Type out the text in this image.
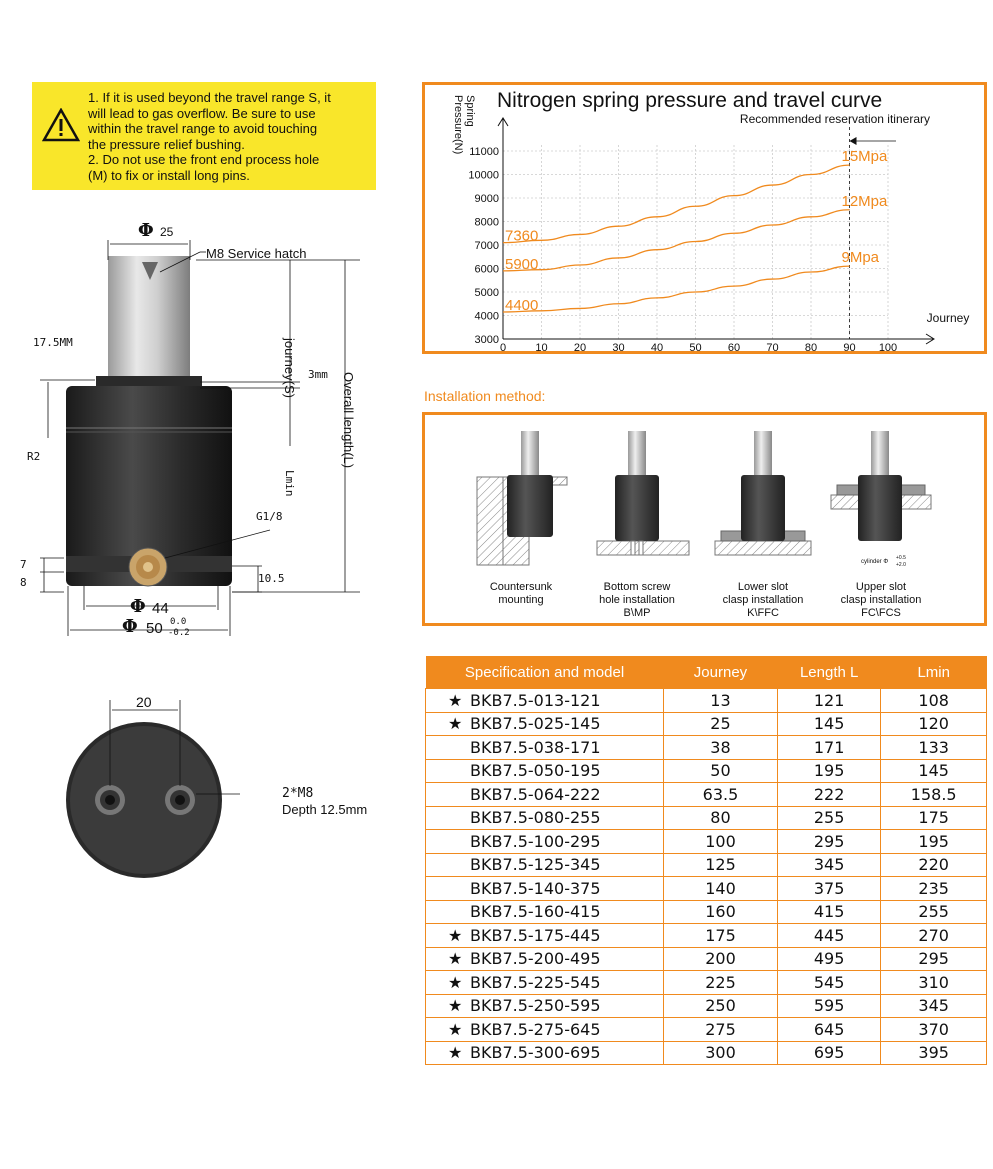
1. If it is used beyond the travel range S, it
will lead to gas overflow. Be sure to use
within the travel range to avoid touching
the pressure relief bushing.
2. Do not use the front end process hole
(M) to fix or install long pins.
Φ 25
M8 Service hatch
journey(S)
Overall length(L)
17.5MM
3mm
R2
Lmin
G1/8
7
8	10.5
Φ 44
Φ 50 0.0
-0.2
20
2*M8
Depth 12.5mm
Nitrogen spring pressure and travel curve
Recommended reservation itinerary
0	10 20 30 40 50 60 70 80 90 100
3000
4000
5000
6000
7000
8000
9000
10000
11000
Journey
Spring
Pressure(N)
15Mpa
7360
12Mpa
5900	9Mpa
4400
Installation method:
cylinder Φ
+0.5
+2.0
Countersunk
mounting
Bottom screw
hole installation
B\MP
Lower slot
clasp installation
K\FFC
Upper slot
clasp installation
FC\FCS
Specification and model	Journey	Length L	Lmin
★ BKB7.5-013-121	13	121	108
★ BKB7.5-025-145	25	145	120
BKB7.5-038-171	38	171	133
BKB7.5-050-195	50	195	145
BKB7.5-064-222	63.5	222	158.5
BKB7.5-080-255	80	255	175
BKB7.5-100-295	100	295	195
BKB7.5-125-345	125	345	220
BKB7.5-140-375	140	375	235
BKB7.5-160-415	160	415	255
★ BKB7.5-175-445	175	445	270
★ BKB7.5-200-495	200	495	295
★ BKB7.5-225-545	225	545	310
★ BKB7.5-250-595	250	595	345
★ BKB7.5-275-645	275	645	370
★ BKB7.5-300-695	300	695	395
